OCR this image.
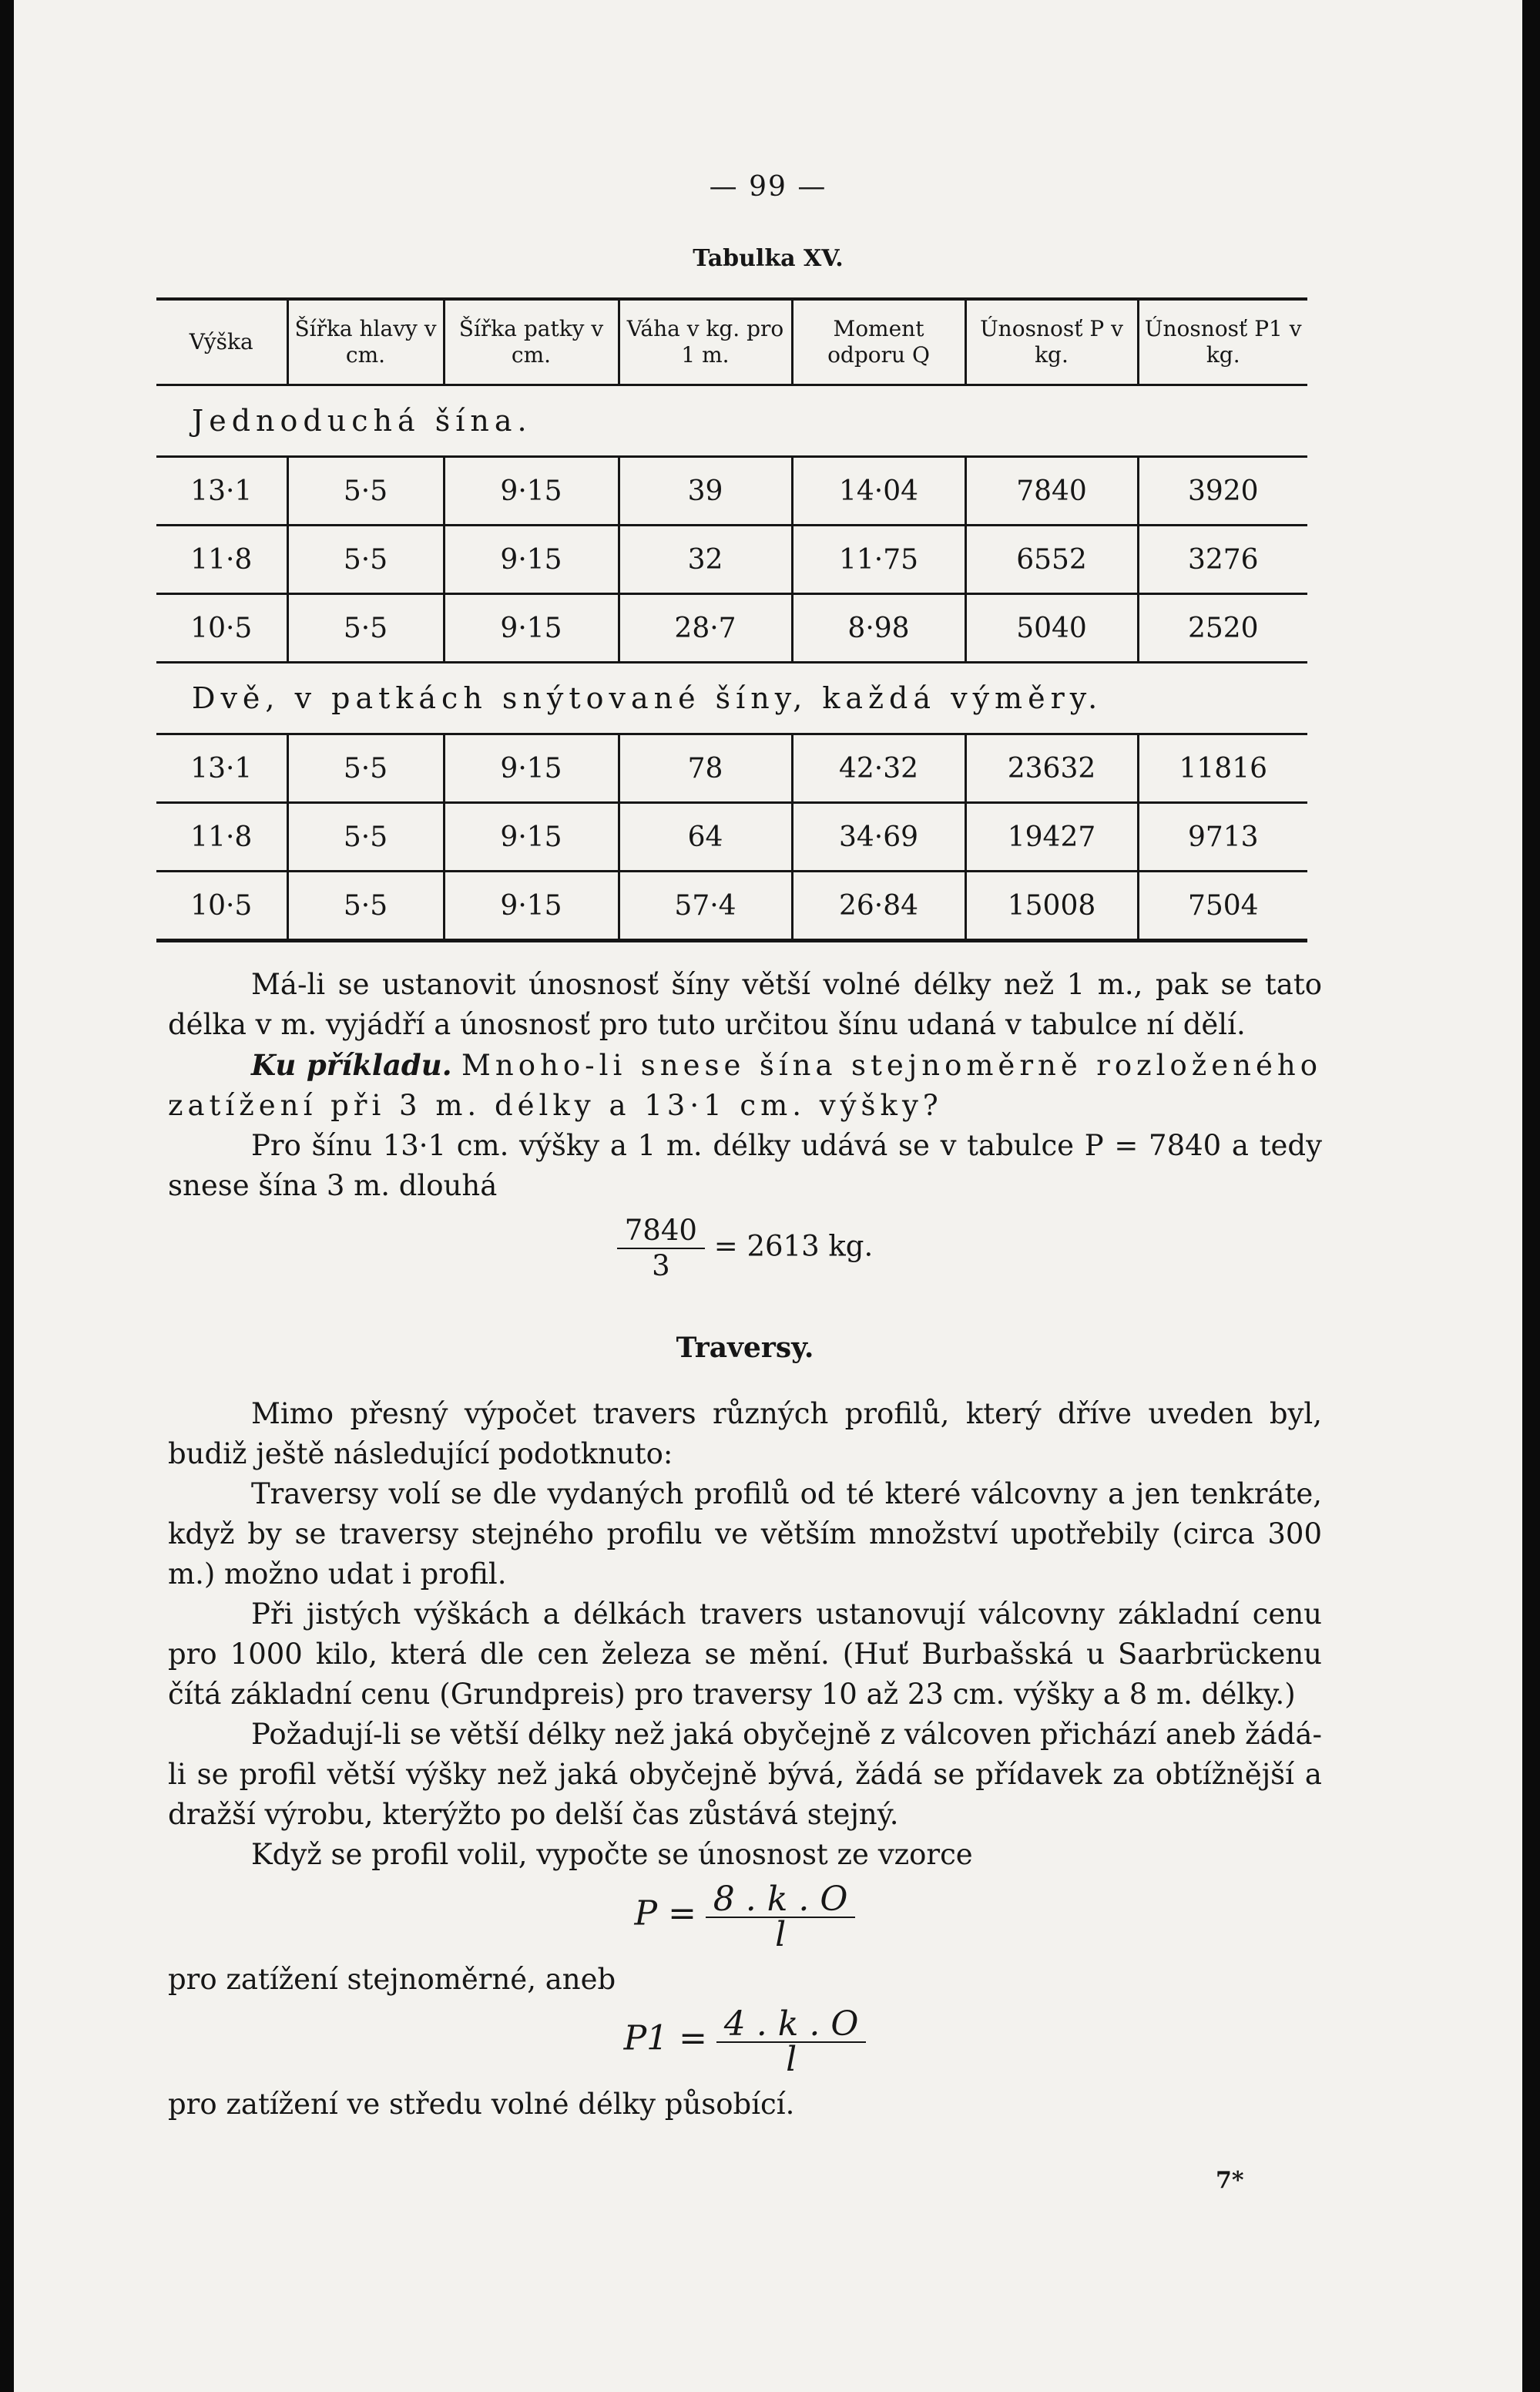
— 99 —
Tabulka XV.
Výška	Šířka hlavy v cm.	Šířka patky v cm.	Váha v kg. pro 1 m.	Moment odporu Q	Únosnosť P v kg.	Únosnosť P1 v kg.
Jednoduchá šína.						
13·1	5·5	9·15	39	14·04	7840	3920
11·8	5·5	9·15	32	11·75	6552	3276
10·5	5·5	9·15	28·7	8·98	5040	2520
Dvě, v patkách snýtované šíny, každá výměry.						
13·1	5·5	9·15	78	42·32	23632	11816
11·8	5·5	9·15	64	34·69	19427	9713
10·5	5·5	9·15	57·4	26·84	15008	7504

Má-li se ustanovit únosnosť šíny větší volné délky než 1 m., pak se tato délka v m. vyjádří a únosnosť pro tuto určitou šínu udaná v tabulce ní dělí.

Ku příkladu. Mnoho-li snese šína stejnoměrně rozloženého zatížení při 3 m. délky a 13·1 cm. výšky?

Pro šínu 13·1 cm. výšky a 1 m. délky udává se v tabulce P = 7840 a tedy snese šína 3 m. dlouhá

$\frac{7840}{3} = 2613$ kg.
Traversy.

Mimo přesný výpočet travers různých profilů, který dříve uveden byl, budiž ještě následující podotknuto:

Traversy volí se dle vydaných profilů od té které válcovny a jen tenkráte, když by se traversy stejného profilu ve větším množství upotřebily (circa 300 m.) možno udat i profil.

Při jistých výškách a délkách travers ustanovují válcovny základní cenu pro 1000 kilo, která dle cen železa se mění. (Huť Burbašská u Saarbrückenu čítá základní cenu (Grundpreis) pro traversy 10 až 23 cm. výšky a 8 m. délky.)

Požadují-li se větší délky než jaká obyčejně z válcoven přichází aneb žádá-li se profil větší výšky než jaká obyčejně bývá, žádá se přídavek za obtížnější a dražší výrobu, kterýžto po delší čas zůstává stejný.

Když se profil volil, vypočte se únosnost ze vzorce

$P = \frac{8 . k . O}{l}$

pro zatížení stejnoměrné, aneb

$P1 = \frac{4 . k . O}{l}$

pro zatížení ve středu volné délky působící.

7*
